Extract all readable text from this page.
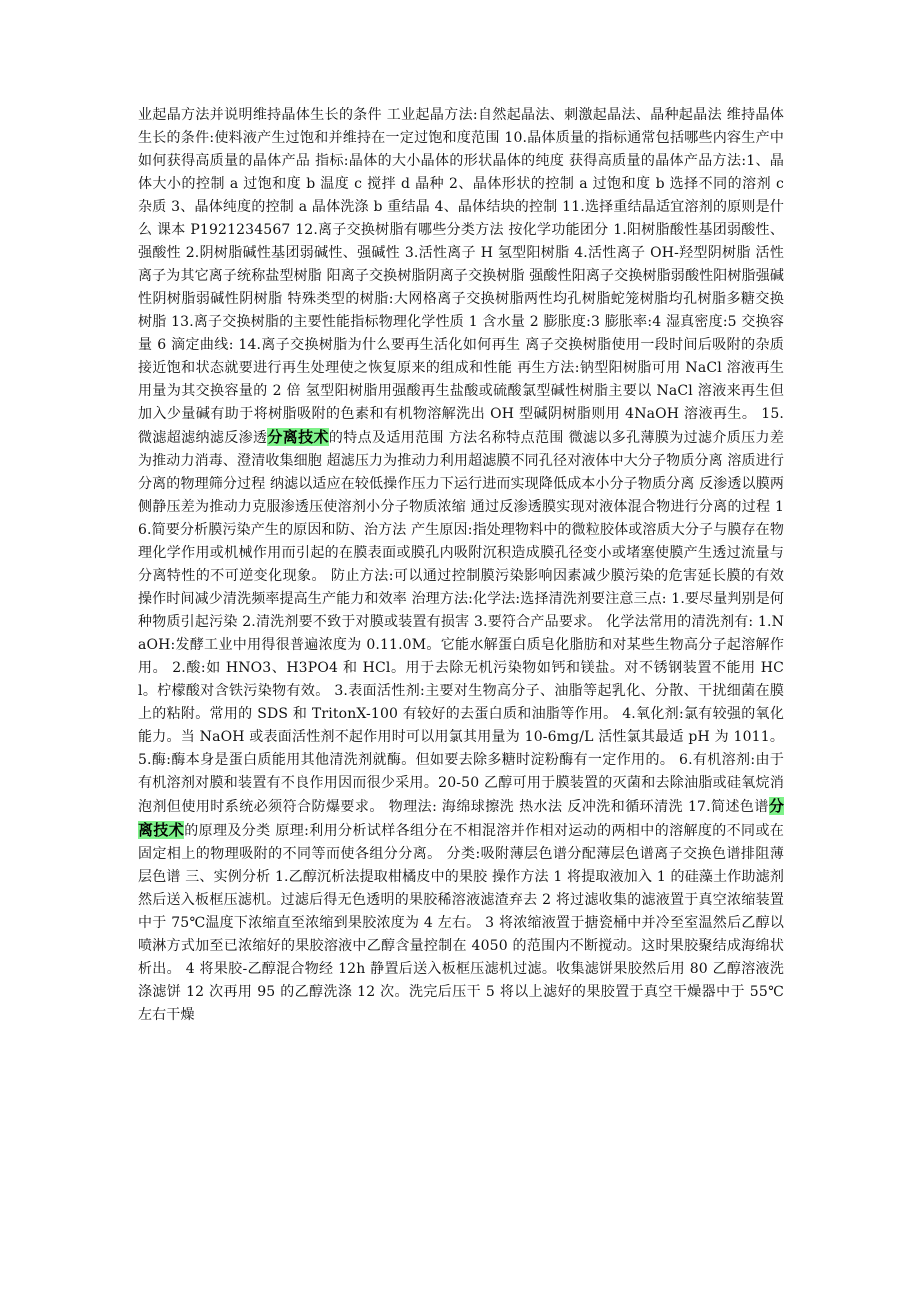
业起晶方法并说明维持晶体生长的条件 工业起晶方法:自然起晶法、刺激起晶法、晶种起晶法 维持晶体生长的条件:使料液产生过饱和并维持在一定过饱和度范围 10.晶体质量的指标通常包括哪些内容生产中如何获得高质量的晶体产品 指标:晶体的大小晶体的形状晶体的纯度 获得高质量的晶体产品方法:1、晶体大小的控制 a 过饱和度 b 温度 c 搅拌 d 晶种 2、晶体形状的控制 a 过饱和度 b 选择不同的溶剂 c 杂质 3、晶体纯度的控制 a 晶体洗涤 b 重结晶 4、晶体结块的控制 11.选择重结晶适宜溶剂的原则是什么 课本 P1921234567 12.离子交换树脂有哪些分类方法 按化学功能团分 1.阳树脂酸性基团弱酸性、强酸性 2.阴树脂碱性基团弱碱性、强碱性 3.活性离子 H 氢型阳树脂 4.活性离子 OH-羟型阴树脂 活性离子为其它离子统称盐型树脂 阳离子交换树脂阴离子交换树脂 强酸性阳离子交换树脂弱酸性阳树脂强碱性阴树脂弱碱性阴树脂 特殊类型的树脂:大网格离子交换树脂两性均孔树脂蛇笼树脂均孔树脂多糖交换树脂 13.离子交换树脂的主要性能指标物理化学性质 1 含水量 2 膨胀度:3 膨胀率:4 湿真密度:5 交换容量 6 滴定曲线: 14.离子交换树脂为什么要再生活化如何再生 离子交换树脂使用一段时间后吸附的杂质接近饱和状态就要进行再生处理使之恢复原来的组成和性能 再生方法:钠型阳树脂可用 NaCl 溶液再生用量为其交换容量的 2 倍 氢型阳树脂用强酸再生盐酸或硫酸氯型碱性树脂主要以 NaCl 溶液来再生但加入少量碱有助于将树脂吸附的色素和有机物溶解洗出 OH 型碱阴树脂则用 4NaOH 溶液再生。 15.微滤超滤纳滤反渗透分离技术的特点及适用范围 方法名称特点范围 微滤以多孔薄膜为过滤介质压力差为推动力消毒、澄清收集细胞 超滤压力为推动力利用超滤膜不同孔径对液体中大分子物质分离 溶质进行分离的物理筛分过程 纳滤以适应在较低操作压力下运行进而实现降低成本小分子物质分离 反渗透以膜两侧静压差为推动力克服渗透压使溶剂小分子物质浓缩 通过反渗透膜实现对液体混合物进行分离的过程 16.简要分析膜污染产生的原因和防、治方法 产生原因:指处理物料中的微粒胶体或溶质大分子与膜存在物理化学作用或机械作用而引起的在膜表面或膜孔内吸附沉积造成膜孔径变小或堵塞使膜产生透过流量与分离特性的不可逆变化现象。 防止方法:可以通过控制膜污染影响因素减少膜污染的危害延长膜的有效操作时间减少清洗频率提高生产能力和效率 治理方法:化学法:选择清洗剂要注意三点: 1.要尽量判别是何种物质引起污染 2.清洗剂要不致于对膜或装置有损害 3.要符合产品要求。 化学法常用的清洗剂有: 1.NaOH:发酵工业中用得很普遍浓度为 0.11.0M。它能水解蛋白质皂化脂肪和对某些生物高分子起溶解作用。 2.酸:如 HNO3、H3PO4 和 HCl。用于去除无机污染物如钙和镁盐。对不锈钢装置不能用 HCl。柠檬酸对含铁污染物有效。 3.表面活性剂:主要对生物高分子、油脂等起乳化、分散、干扰细菌在膜上的粘附。常用的 SDS 和 TritonX-100 有较好的去蛋白质和油脂等作用。 4.氧化剂:氯有较强的氧化能力。当 NaOH 或表面活性剂不起作用时可以用氯其用量为 10-6mg/L 活性氯其最适 pH 为 1011。 5.酶:酶本身是蛋白质能用其他清洗剂就酶。但如要去除多糖时淀粉酶有一定作用的。 6.有机溶剂:由于有机溶剂对膜和装置有不良作用因而很少采用。20-50 乙醇可用于膜装置的灭菌和去除油脂或硅氧烷消泡剂但使用时系统必须符合防爆要求。 物理法: 海绵球擦洗 热水法 反冲洗和循环清洗 17.简述色谱分离技术的原理及分类 原理:利用分析试样各组分在不相混溶并作相对运动的两相中的溶解度的不同或在固定相上的物理吸附的不同等而使各组分分离。 分类:吸附薄层色谱分配薄层色谱离子交换色谱排阻薄层色谱 三、实例分析 1.乙醇沉析法提取柑橘皮中的果胶 操作方法 1 将提取液加入 1 的硅藻土作助滤剂然后送入板框压滤机。过滤后得无色透明的果胶稀溶液滤渣弃去 2 将过滤收集的滤液置于真空浓缩装置中于 75℃温度下浓缩直至浓缩到果胶浓度为 4 左右。 3 将浓缩液置于搪瓷桶中并冷至室温然后乙醇以喷淋方式加至已浓缩好的果胶溶液中乙醇含量控制在 4050 的范围内不断搅动。这时果胶聚结成海绵状析出。 4 将果胶-乙醇混合物经 12h 静置后送入板框压滤机过滤。收集滤饼果胶然后用 80 乙醇溶液洗涤滤饼 12 次再用 95 的乙醇洗涤 12 次。洗完后压干 5 将以上滤好的果胶置于真空干燥器中于 55℃左右干燥
